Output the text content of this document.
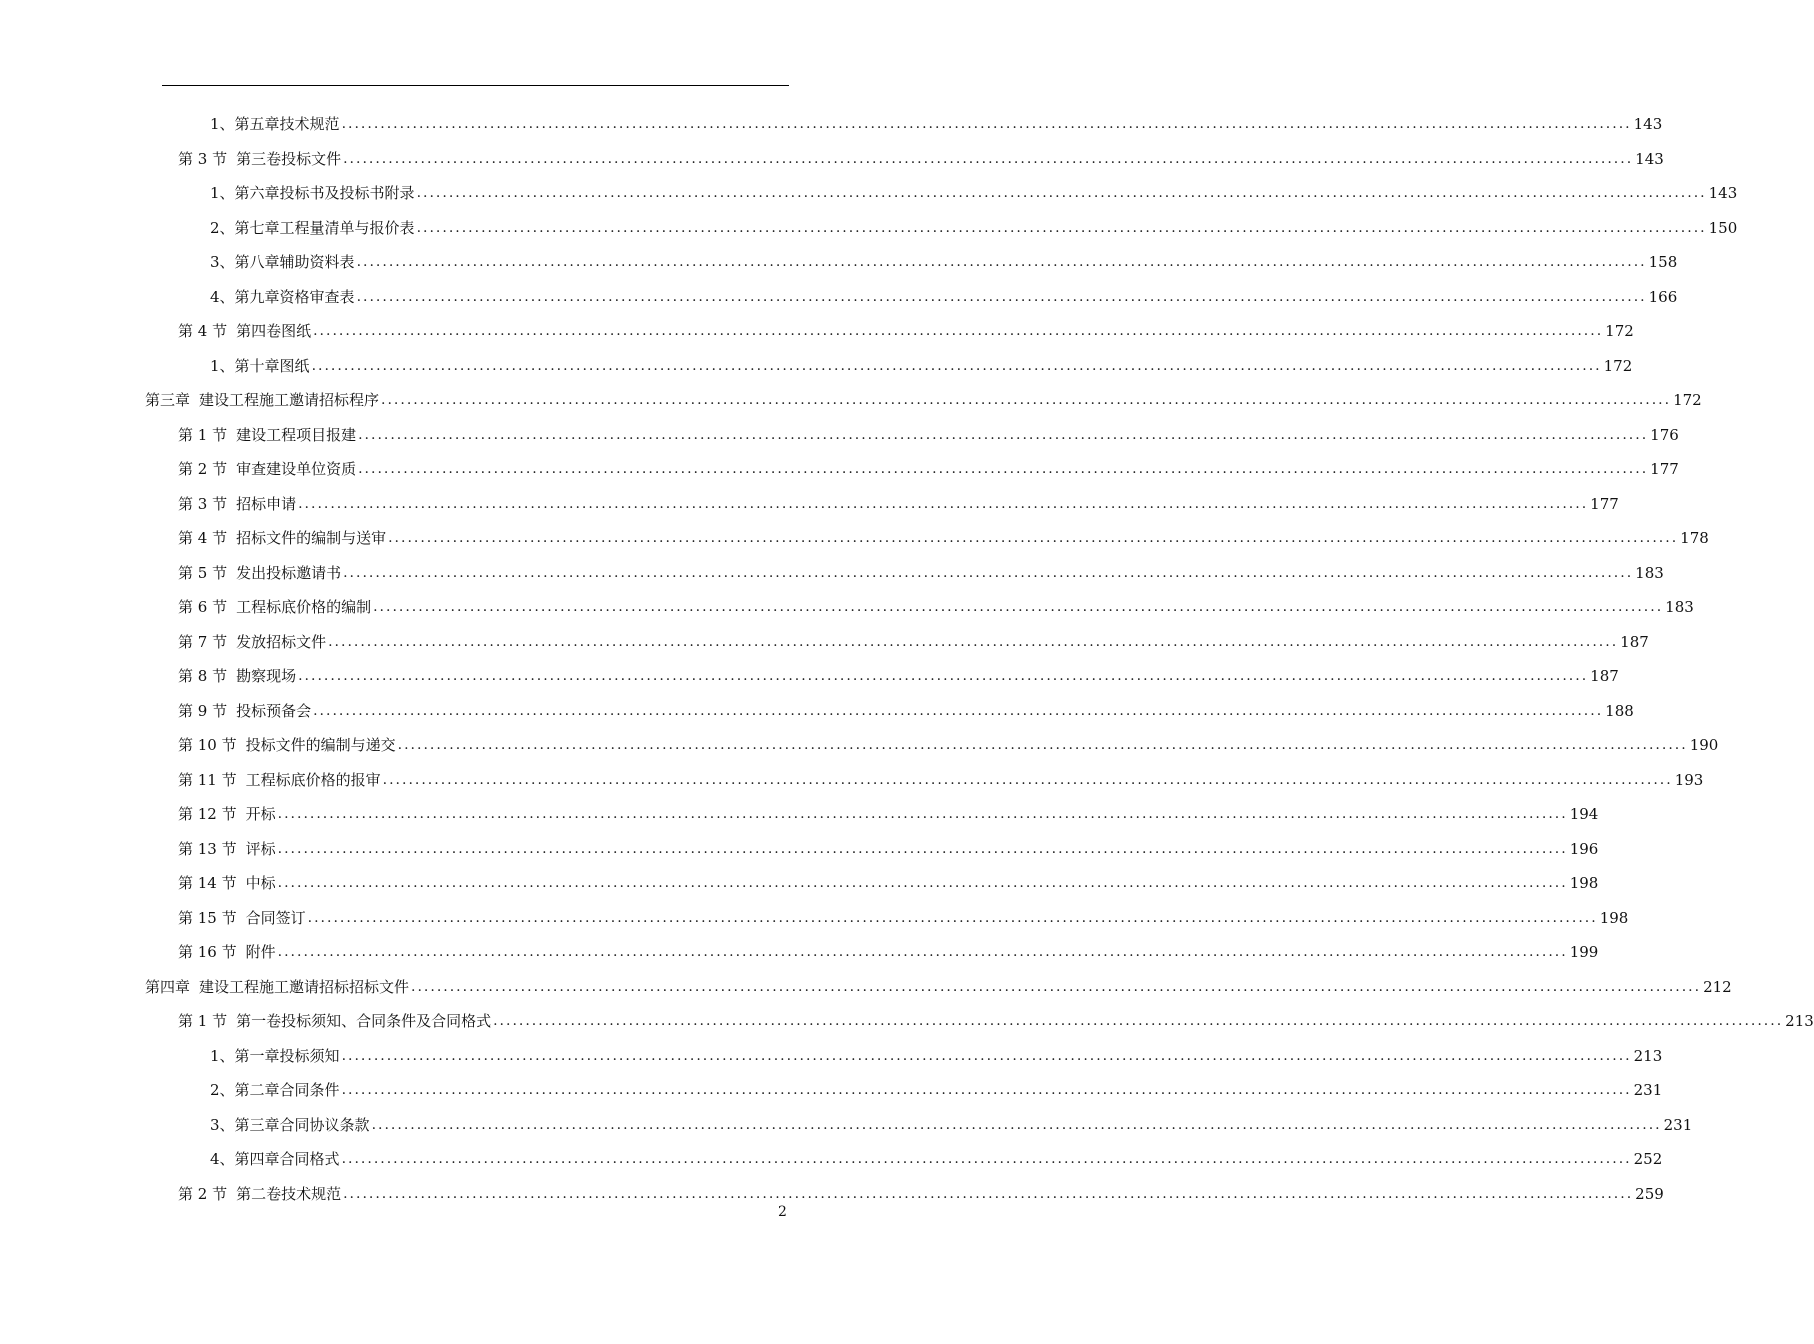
1、 第五章技术规范 ........................................................................................................................................................................................................ 143
第 3 节 第三卷投标文件 ........................................................................................................................................................................................................ 143
1、 第六章投标书及投标书附录 ........................................................................................................................................................................................................ 143
2、 第七章工程量清单与报价表 ........................................................................................................................................................................................................ 150
3、 第八章辅助资料表 ........................................................................................................................................................................................................ 158
4、 第九章资格审查表 ........................................................................................................................................................................................................ 166
第 4 节 第四卷图纸 ........................................................................................................................................................................................................ 172
1、 第十章图纸 ........................................................................................................................................................................................................ 172
第三章 建设工程施工邀请招标程序 ........................................................................................................................................................................................................ 172
第 1 节 建设工程项目报建 ........................................................................................................................................................................................................ 176
第 2 节 审查建设单位资质 ........................................................................................................................................................................................................ 177
第 3 节 招标申请 ........................................................................................................................................................................................................ 177
第 4 节 招标文件的编制与送审 ........................................................................................................................................................................................................ 178
第 5 节 发出投标邀请书 ........................................................................................................................................................................................................ 183
第 6 节 工程标底价格的编制 ........................................................................................................................................................................................................ 183
第 7 节 发放招标文件 ........................................................................................................................................................................................................ 187
第 8 节 勘察现场 ........................................................................................................................................................................................................ 187
第 9 节 投标预备会 ........................................................................................................................................................................................................ 188
第 10 节 投标文件的编制与递交 ........................................................................................................................................................................................................ 190
第 11 节 工程标底价格的报审 ........................................................................................................................................................................................................ 193
第 12 节 开标 ........................................................................................................................................................................................................ 194
第 13 节 评标 ........................................................................................................................................................................................................ 196
第 14 节 中标 ........................................................................................................................................................................................................ 198
第 15 节 合同签订 ........................................................................................................................................................................................................ 198
第 16 节 附件 ........................................................................................................................................................................................................ 199
第四章 建设工程施工邀请招标招标文件 ........................................................................................................................................................................................................ 212
第 1 节 第一卷投标须知、合同条件及合同格式 ........................................................................................................................................................................................................ 213
1、 第一章投标须知 ........................................................................................................................................................................................................ 213
2、 第二章合同条件 ........................................................................................................................................................................................................ 231
3、 第三章合同协议条款 ........................................................................................................................................................................................................ 231
4、 第四章合同格式 ........................................................................................................................................................................................................ 252
第 2 节 第二卷技术规范 ........................................................................................................................................................................................................ 259
2
